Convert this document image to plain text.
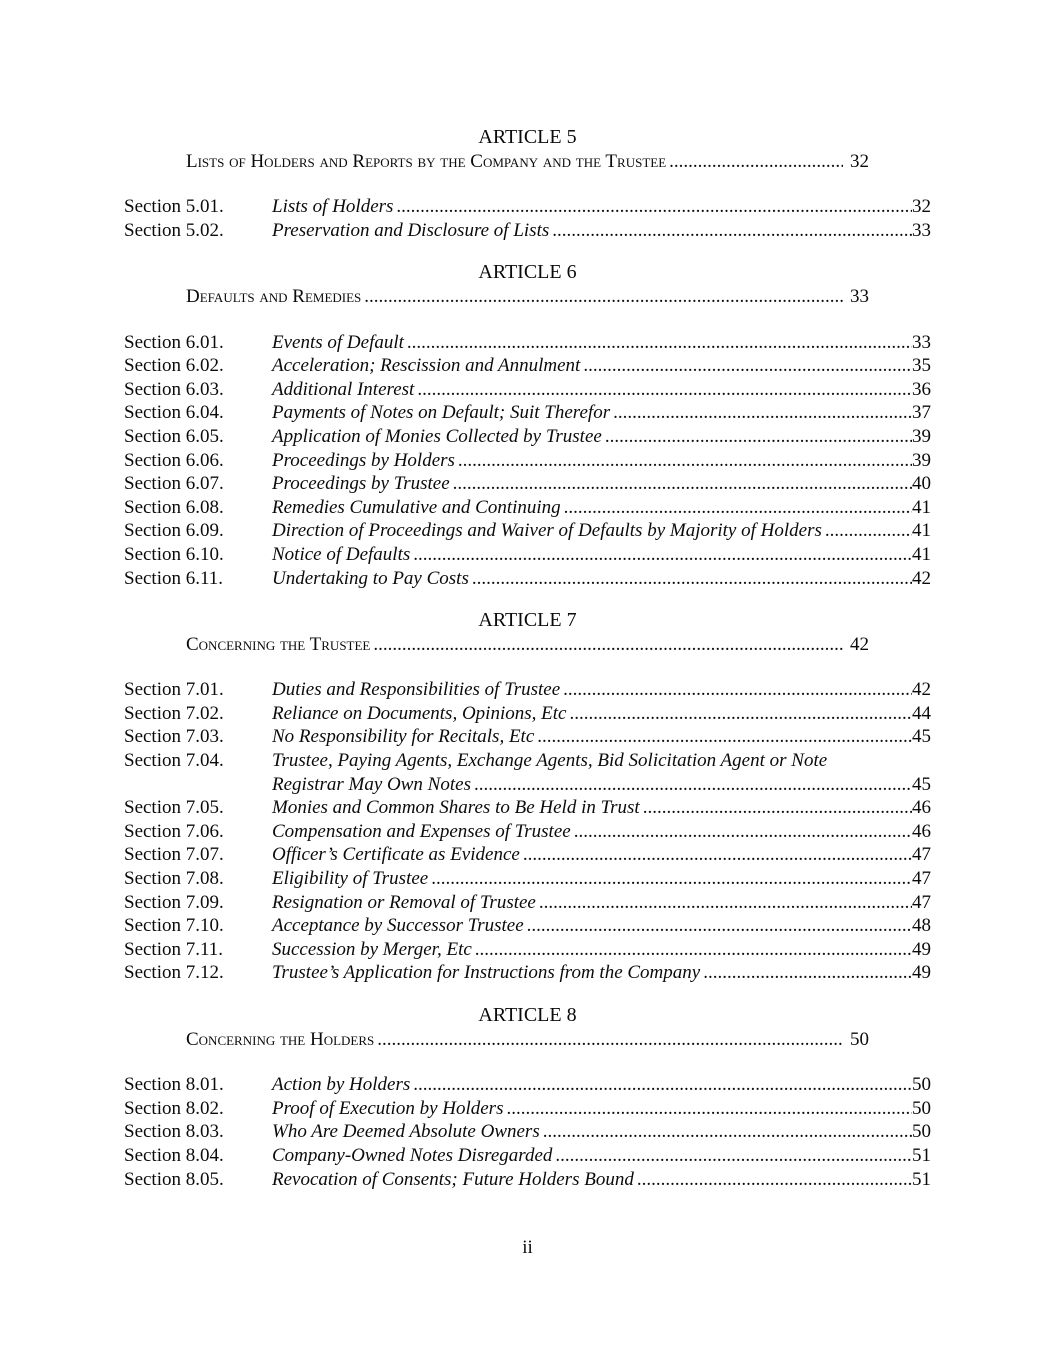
ARTICLE 5
Lists of Holders and Reports by the Company and the Trustee .....	32
Section 5.01.	Lists of Holders .....	32
Section 5.02.	Preservation and Disclosure of Lists .....	33
ARTICLE 6
Defaults and Remedies .....	33
Section 6.01.	Events of Default .....	33
Section 6.02.	Acceleration; Rescission and Annulment .....	35
Section 6.03.	Additional Interest .....	36
Section 6.04.	Payments of Notes on Default; Suit Therefor .....	37
Section 6.05.	Application of Monies Collected by Trustee .....	39
Section 6.06.	Proceedings by Holders .....	39
Section 6.07.	Proceedings by Trustee .....	40
Section 6.08.	Remedies Cumulative and Continuing .....	41
Section 6.09.	Direction of Proceedings and Waiver of Defaults by Majority of Holders .....	41
Section 6.10.	Notice of Defaults .....	41
Section 6.11.	Undertaking to Pay Costs .....	42
ARTICLE 7
Concerning the Trustee .....	42
Section 7.01.	Duties and Responsibilities of Trustee .....	42
Section 7.02.	Reliance on Documents, Opinions, Etc .....	44
Section 7.03.	No Responsibility for Recitals, Etc .....	45
Section 7.04.	Trustee, Paying Agents, Exchange Agents, Bid Solicitation Agent or Note
Registrar May Own Notes .....	45
Section 7.05.	Monies and Common Shares to Be Held in Trust .....	46
Section 7.06.	Compensation and Expenses of Trustee .....	46
Section 7.07.	Officer’s Certificate as Evidence .....	47
Section 7.08.	Eligibility of Trustee .....	47
Section 7.09.	Resignation or Removal of Trustee .....	47
Section 7.10.	Acceptance by Successor Trustee .....	48
Section 7.11.	Succession by Merger, Etc .....	49
Section 7.12.	Trustee’s Application for Instructions from the Company .....	49
ARTICLE 8
Concerning the Holders .....	50
Section 8.01.	Action by Holders .....	50
Section 8.02.	Proof of Execution by Holders .....	50
Section 8.03.	Who Are Deemed Absolute Owners .....	50
Section 8.04.	Company-Owned Notes Disregarded .....	51
Section 8.05.	Revocation of Consents; Future Holders Bound .....	51
ii
